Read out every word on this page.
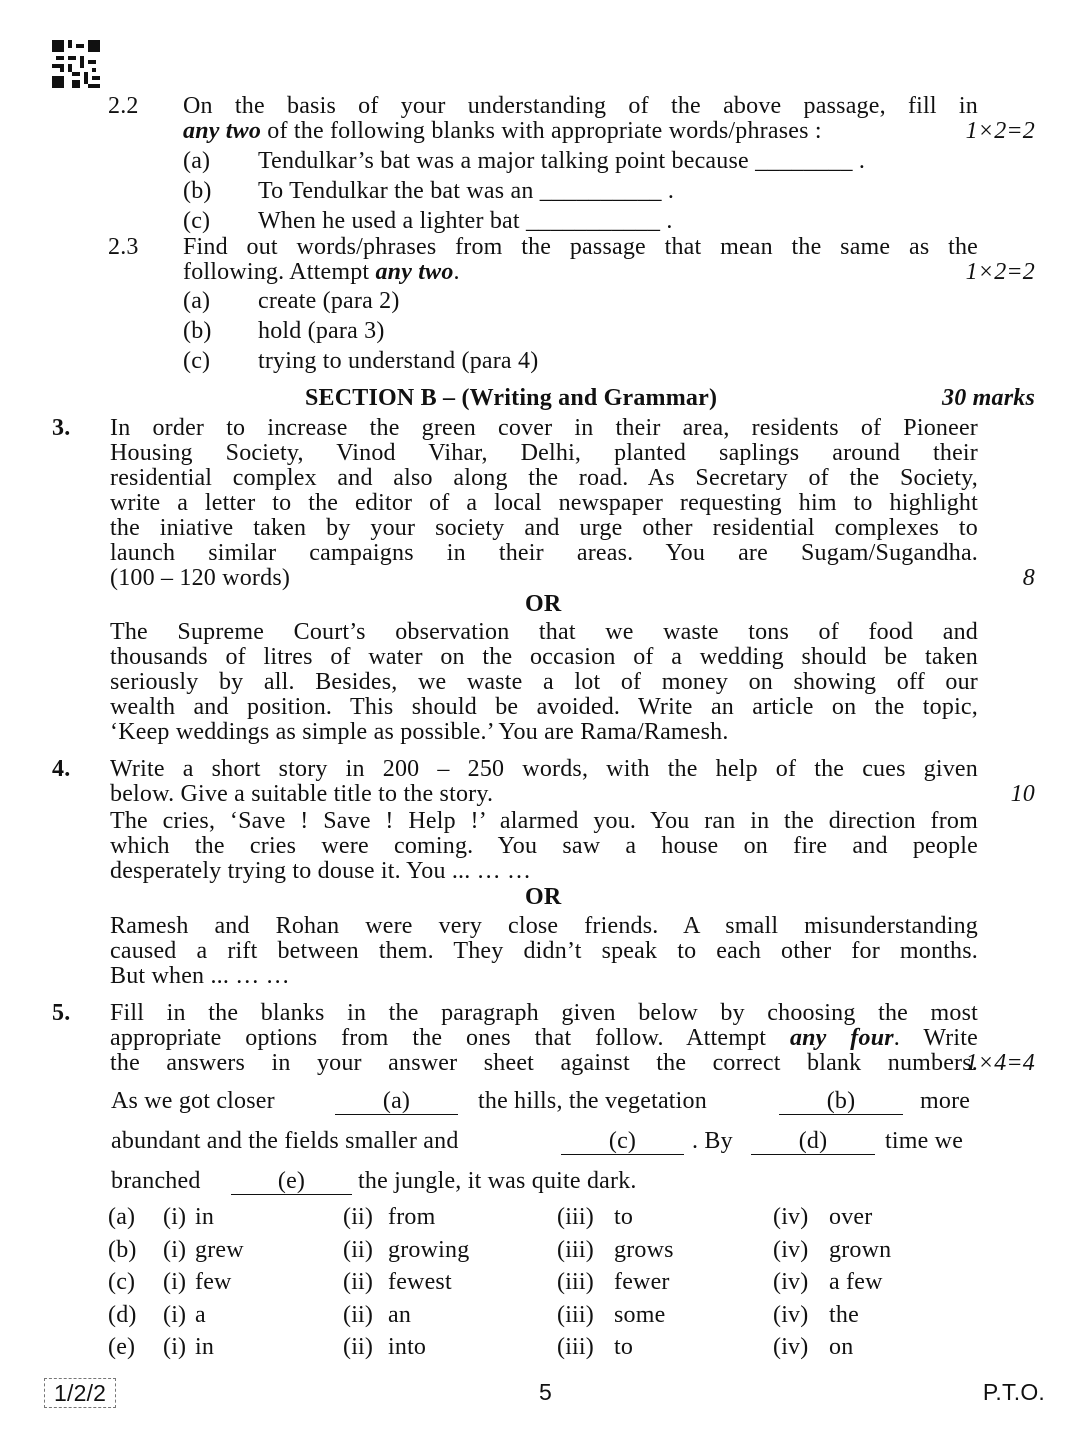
2.2 On the basis of your understanding of the above passage, fill in
any two of the following blanks with appropriate words/phrases :	1×2=2
(a) Tendulkar’s bat was a major talking point because ________ .
(b) To Tendulkar the bat was an __________ .
(c) When he used a lighter bat ___________ .
2.3 Find out words/phrases from the passage that mean the same as the
following. Attempt any two.	1×2=2
(a) create (para 2)
(b) hold (para 3)
(c) trying to understand (para 4)
SECTION B – (Writing and Grammar)	30 marks
3. In order to increase the green cover in their area, residents of Pioneer
Housing Society, Vinod Vihar, Delhi, planted saplings around their
residential complex and also along the road. As Secretary of the Society,
write a letter to the editor of a local newspaper requesting him to highlight
the iniative taken by your society and urge other residential complexes to
launch similar campaigns in their areas. You are Sugam/Sugandha.
(100 – 120 words)	8
OR
The Supreme Court’s observation that we waste tons of food and
thousands of litres of water on the occasion of a wedding should be taken
seriously by all. Besides, we waste a lot of money on showing off our
wealth and position. This should be avoided. Write an article on the topic,
‘Keep weddings as simple as possible.’ You are Rama/Ramesh.
4. Write a short story in 200 – 250 words, with the help of the cues given
below. Give a suitable title to the story.	10
The cries, ‘Save ! Save ! Help !’ alarmed you. You ran in the direction from
which the cries were coming. You saw a house on fire and people
desperately trying to douse it. You ... … …
OR
Ramesh and Rohan were very close friends. A small misunderstanding
caused a rift between them. They didn’t speak to each other for months.
But when ... … …
5. Fill in the blanks in the paragraph given below by choosing the most
appropriate options from the ones that follow. Attempt any four. Write
the answers in your answer sheet against the correct blank numbers.
1×4=4
As we got closer	(a)	the hills, the vegetation	(b)	more
abundant and the fields smaller and	(c)	. By	(d)	time we
branched	(e)	the jungle, it was quite dark.
(a) (i) in	(ii) from	(iii) to	(iv) over
(b) (i) grew	(ii) growing	(iii) grows	(iv) grown
(c) (i) few	(ii) fewest	(iii) fewer	(iv) a few
(d) (i) a	(ii) an	(iii) some	(iv) the
(e) (i) in	(ii) into	(iii) to	(iv) on
1/2/2	5	P.T.O.
